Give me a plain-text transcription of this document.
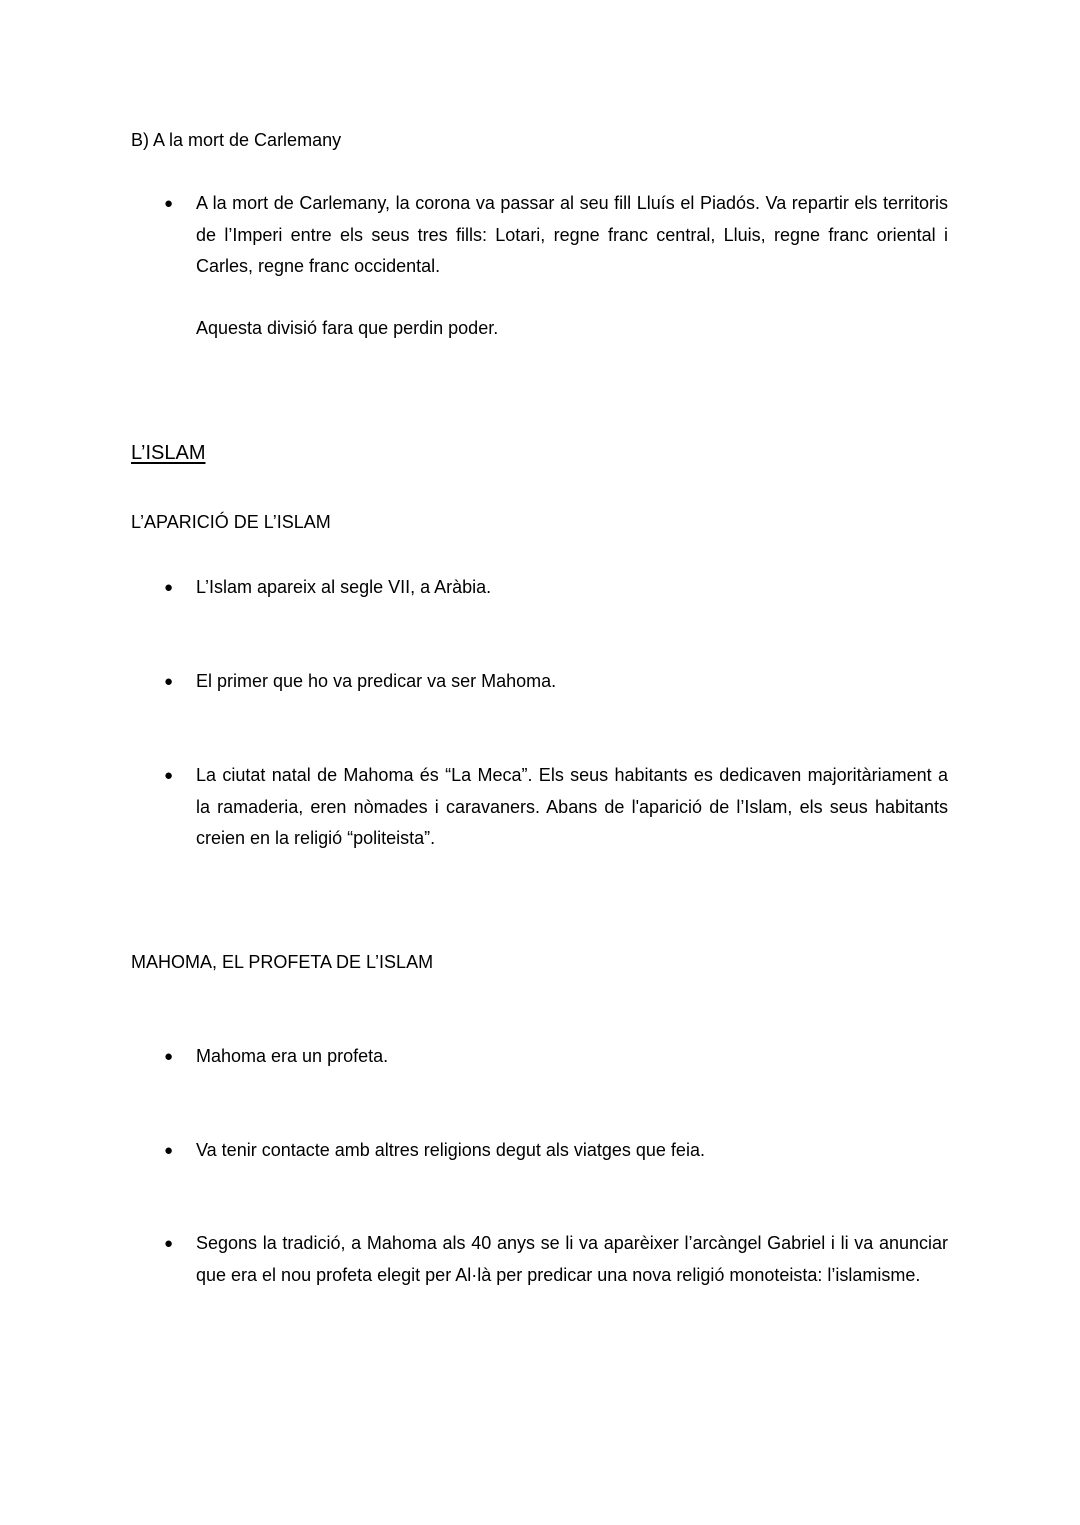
B) A la mort de Carlemany
● A la mort de Carlemany, la corona va passar al seu fill Lluís el Piadós. Va repartir els territoris de l’Imperi entre els seus tres fills: Lotari, regne franc central, Lluis, regne franc oriental i Carles, regne franc occidental.
Aquesta divisió fara que perdin poder.
L’ISLAM
L’APARICIÓ DE L’ISLAM
● L’Islam apareix al segle VII, a Aràbia.
● El primer que ho va predicar va ser Mahoma.
● La ciutat natal de Mahoma és “La Meca”. Els seus habitants es dedicaven majoritàriament a la ramaderia, eren nòmades i caravaners. Abans de l'aparició de l’Islam, els seus habitants creien en la religió “politeista”.
MAHOMA, EL PROFETA DE L’ISLAM
● Mahoma era un profeta.
● Va tenir contacte amb altres religions degut als viatges que feia.
● Segons la tradició, a Mahoma als 40 anys se li va aparèixer l’arcàngel Gabriel i li va anunciar que era el nou profeta elegit per Al·là per predicar una nova religió monoteista: l’islamisme.
